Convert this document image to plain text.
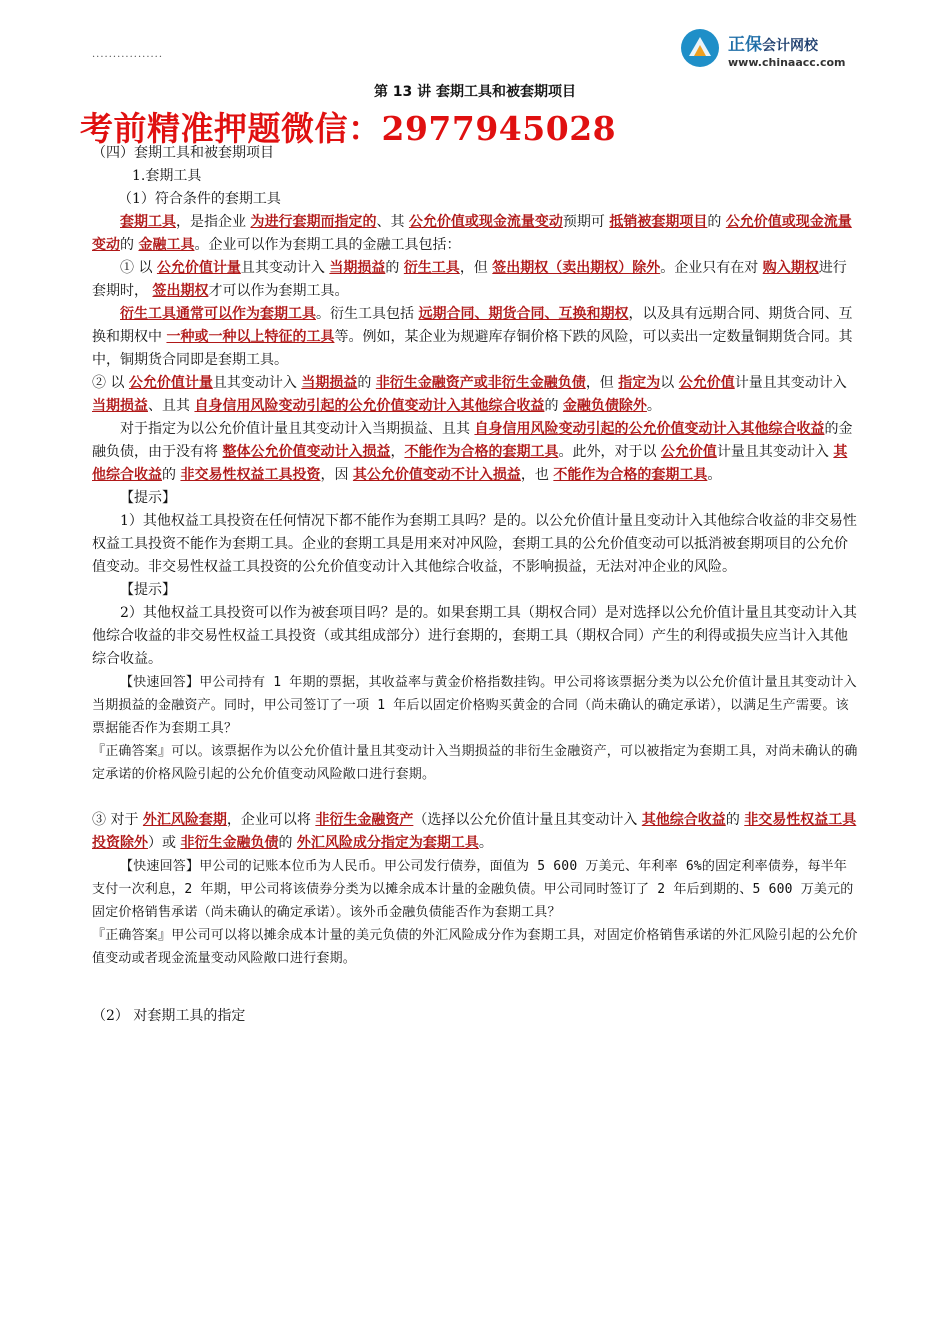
·················
正保会计网校
www.chinaacc.com
第 13 讲 套期工具和被套期项目
考前精准押题微信：2977945028

（四）套期工具和被套期项目

1.套期工具

（1）符合条件的套期工具

套期工具，是指企业 为进行套期而指定的、其 公允价值或现金流量变动预期可 抵销被套期项目的 公允价值或现金流量变动的 金融工具。企业可以作为套期工具的金融工具包括：

① 以 公允价值计量且其变动计入 当期损益的 衍生工具，但 签出期权（卖出期权）除外。企业只有在对 购入期权进行套期时， 签出期权才可以作为套期工具。

衍生工具通常可以作为套期工具。衍生工具包括 远期合同、期货合同、互换和期权，以及具有远期合同、期货合同、互换和期权中 一种或一种以上特征的工具等。例如，某企业为规避库存铜价格下跌的风险，可以卖出一定数量铜期货合同。其中，铜期货合同即是套期工具。

② 以 公允价值计量且其变动计入 当期损益的 非衍生金融资产或非衍生金融负债，但 指定为以 公允价值计量且其变动计入 当期损益、且其 自身信用风险变动引起的公允价值变动计入其他综合收益的 金融负债除外。

对于指定为以公允价值计量且其变动计入当期损益、且其 自身信用风险变动引起的公允价值变动计入其他综合收益的金融负债，由于没有将 整体公允价值变动计入损益，不能作为合格的套期工具。此外，对于以 公允价值计量且其变动计入 其他综合收益的 非交易性权益工具投资，因 其公允价值变动不计入损益，也 不能作为合格的套期工具。

【提示】

1）其他权益工具投资在任何情况下都不能作为套期工具吗？是的。以公允价值计量且变动计入其他综合收益的非交易性权益工具投资不能作为套期工具。企业的套期工具是用来对冲风险，套期工具的公允价值变动可以抵消被套期项目的公允价值变动。非交易性权益工具投资的公允价值变动计入其他综合收益，不影响损益，无法对冲企业的风险。

【提示】

2）其他权益工具投资可以作为被套项目吗？是的。如果套期工具（期权合同）是对选择以公允价值计量且其变动计入其他综合收益的非交易性权益工具投资（或其组成部分）进行套期的，套期工具（期权合同）产生的利得或损失应当计入其他综合收益。

【快速回答】甲公司持有 1 年期的票据，其收益率与黄金价格指数挂钩。甲公司将该票据分类为以公允价值计量且其变动计入当期损益的金融资产。同时，甲公司签订了一项 1 年后以固定价格购买黄金的合同（尚未确认的确定承诺），以满足生产需要。该票据能否作为套期工具？

『正确答案』可以。该票据作为以公允价值计量且其变动计入当期损益的非衍生金融资产，可以被指定为套期工具，对尚未确认的确定承诺的价格风险引起的公允价值变动风险敞口进行套期。

③ 对于 外汇风险套期，企业可以将 非衍生金融资产（选择以公允价值计量且其变动计入 其他综合收益的 非交易性权益工具投资除外）或 非衍生金融负债的 外汇风险成分指定为套期工具。

【快速回答】甲公司的记账本位币为人民币。甲公司发行债券，面值为 5 600 万美元、年利率 6%的固定利率债券，每半年支付一次利息，2 年期，甲公司将该债券分类为以摊余成本计量的金融负债。甲公司同时签订了 2 年后到期的、5 600 万美元的固定价格销售承诺（尚未确认的确定承诺）。该外币金融负债能否作为套期工具？

『正确答案』甲公司可以将以摊余成本计量的美元负债的外汇风险成分作为套期工具，对固定价格销售承诺的外汇风险引起的公允价值变动或者现金流量变动风险敞口进行套期。

（2） 对套期工具的指定
